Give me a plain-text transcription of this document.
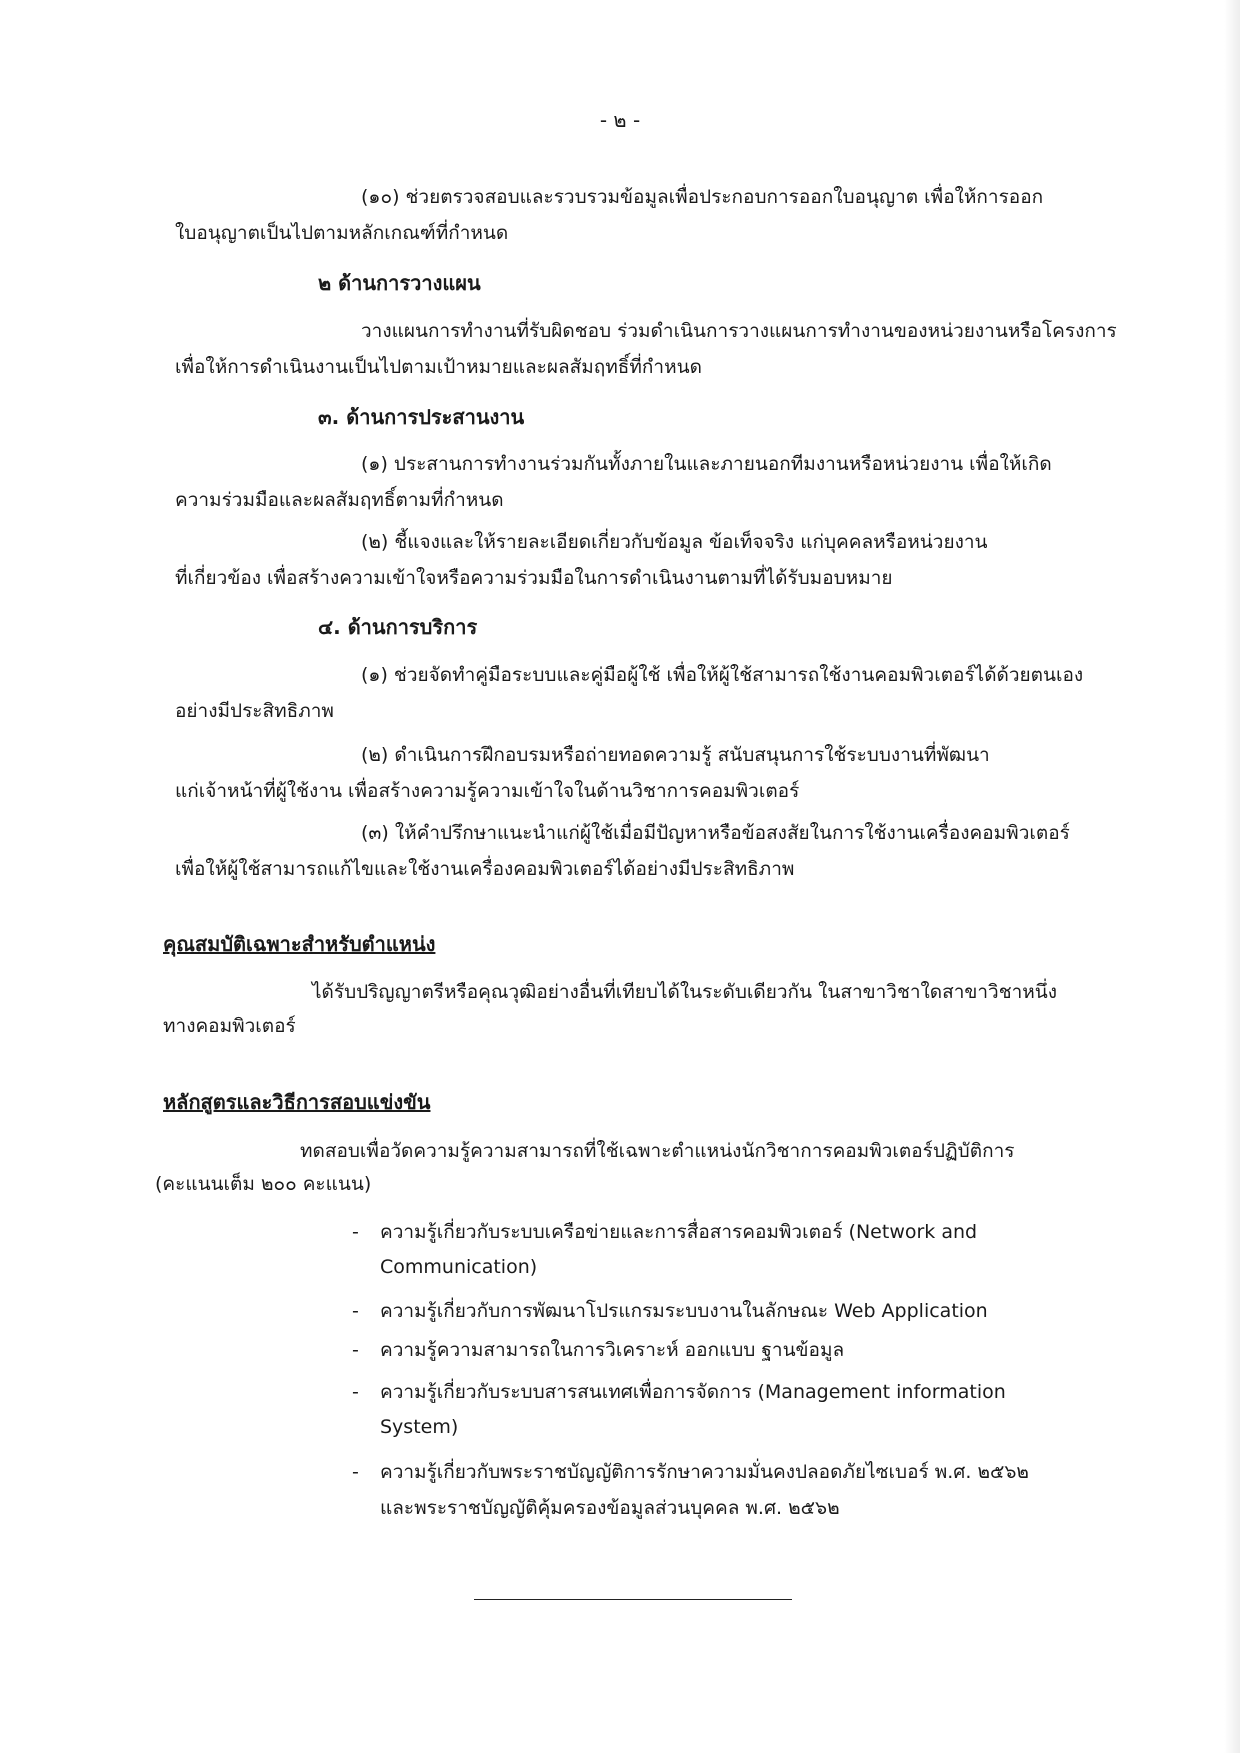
- ๒ -
(๑๐) ช่วยตรวจสอบและรวบรวมข้อมูลเพื่อประกอบการออกใบอนุญาต เพื่อให้การออก
ใบอนุญาตเป็นไปตามหลักเกณฑ์ที่กำหนด
๒ ด้านการวางแผน
วางแผนการทำงานที่รับผิดชอบ ร่วมดำเนินการวางแผนการทำงานของหน่วยงานหรือโครงการ
เพื่อให้การดำเนินงานเป็นไปตามเป้าหมายและผลสัมฤทธิ์ที่กำหนด
๓. ด้านการประสานงาน
(๑) ประสานการทำงานร่วมกันทั้งภายในและภายนอกทีมงานหรือหน่วยงาน เพื่อให้เกิด
ความร่วมมือและผลสัมฤทธิ์ตามที่กำหนด
(๒) ชี้แจงและให้รายละเอียดเกี่ยวกับข้อมูล ข้อเท็จจริง แก่บุคคลหรือหน่วยงาน
ที่เกี่ยวข้อง เพื่อสร้างความเข้าใจหรือความร่วมมือในการดำเนินงานตามที่ได้รับมอบหมาย
๔. ด้านการบริการ
(๑) ช่วยจัดทำคู่มือระบบและคู่มือผู้ใช้ เพื่อให้ผู้ใช้สามารถใช้งานคอมพิวเตอร์ได้ด้วยตนเอง
อย่างมีประสิทธิภาพ
(๒) ดำเนินการฝึกอบรมหรือถ่ายทอดความรู้ สนับสนุนการใช้ระบบงานที่พัฒนา
แก่เจ้าหน้าที่ผู้ใช้งาน เพื่อสร้างความรู้ความเข้าใจในด้านวิชาการคอมพิวเตอร์
(๓) ให้คำปรึกษาแนะนำแก่ผู้ใช้เมื่อมีปัญหาหรือข้อสงสัยในการใช้งานเครื่องคอมพิวเตอร์
เพื่อให้ผู้ใช้สามารถแก้ไขและใช้งานเครื่องคอมพิวเตอร์ได้อย่างมีประสิทธิภาพ
คุณสมบัติเฉพาะสำหรับตำแหน่ง
ได้รับปริญญาตรีหรือคุณวุฒิอย่างอื่นที่เทียบได้ในระดับเดียวกัน ในสาขาวิชาใดสาขาวิชาหนึ่ง
ทางคอมพิวเตอร์
หลักสูตรและวิธีการสอบแข่งขัน
ทดสอบเพื่อวัดความรู้ความสามารถที่ใช้เฉพาะตำแหน่งนักวิชาการคอมพิวเตอร์ปฏิบัติการ
(คะแนนเต็ม ๒๐๐ คะแนน)
- ความรู้เกี่ยวกับระบบเครือข่ายและการสื่อสารคอมพิวเตอร์ (Network and
Communication)
- ความรู้เกี่ยวกับการพัฒนาโปรแกรมระบบงานในลักษณะ Web Application
- ความรู้ความสามารถในการวิเคราะห์ ออกแบบ ฐานข้อมูล
- ความรู้เกี่ยวกับระบบสารสนเทศเพื่อการจัดการ (Management information
System)
- ความรู้เกี่ยวกับพระราชบัญญัติการรักษาความมั่นคงปลอดภัยไซเบอร์ พ.ศ. ๒๕๖๒
และพระราชบัญญัติคุ้มครองข้อมูลส่วนบุคคล พ.ศ. ๒๕๖๒
